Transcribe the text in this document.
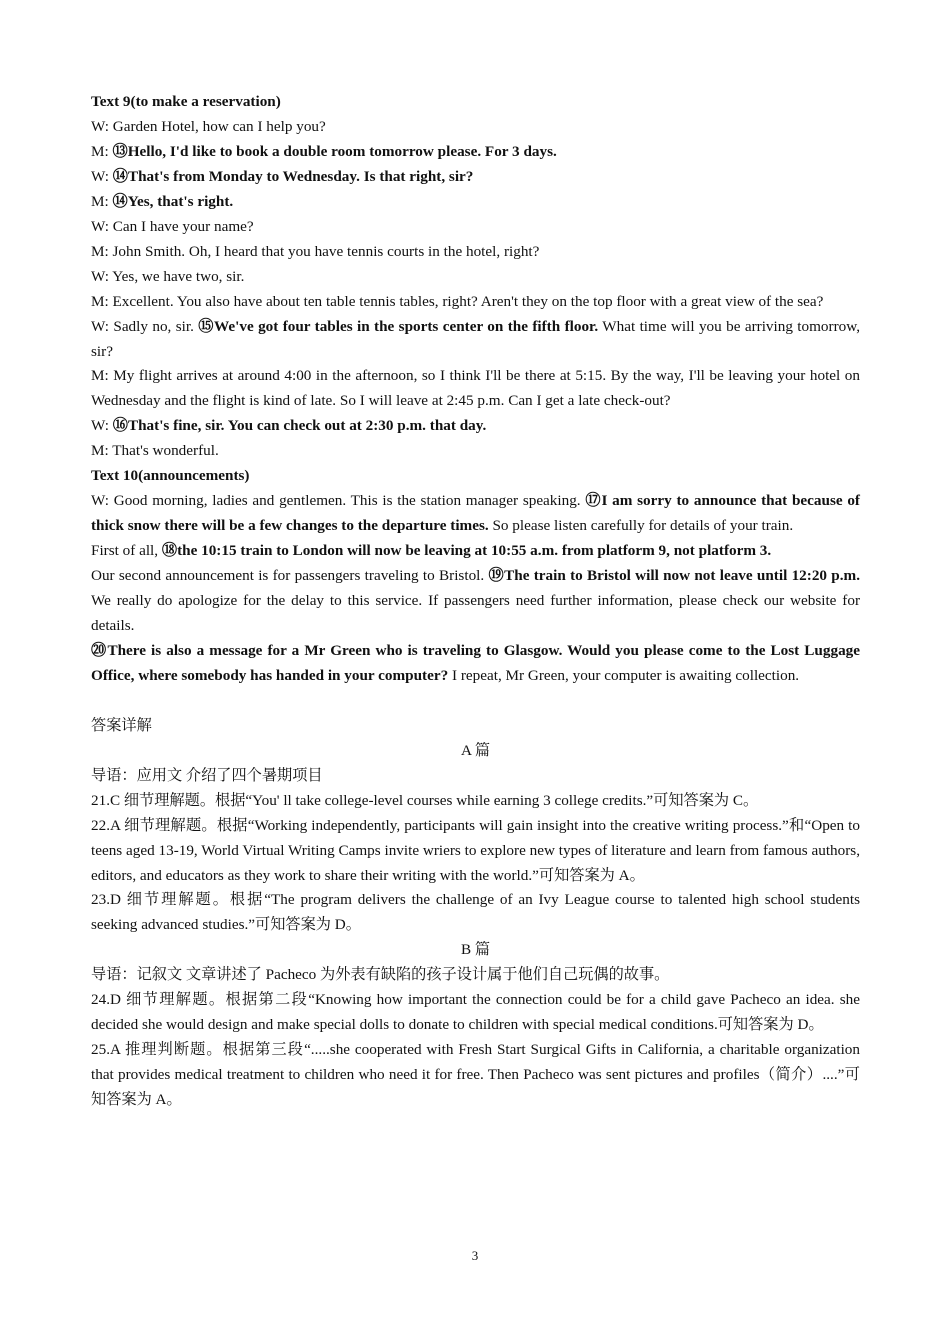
Text 9(to make a reservation)

W: Garden Hotel, how can I help you?

M: ⑬Hello, I'd like to book a double room tomorrow please. For 3 days.

W: ⑭That's from Monday to Wednesday. Is that right, sir?

M: ⑭Yes, that's right.

W: Can I have your name?

M: John Smith. Oh, I heard that you have tennis courts in the hotel, right?

W: Yes, we have two, sir.

M: Excellent. You also have about ten table tennis tables, right? Aren't they on the top floor with a great view of the sea?

W: Sadly no, sir. ⑮We've got four tables in the sports center on the fifth floor. What time will you be arriving tomorrow, sir?

M: My flight arrives at around 4:00 in the afternoon, so I think I'll be there at 5:15. By the way, I'll be leaving your hotel on Wednesday and the flight is kind of late. So I will leave at 2:45 p.m. Can I get a late check-out?

W: ⑯That's fine, sir. You can check out at 2:30 p.m. that day.

M: That's wonderful.

Text 10(announcements)

W: Good morning, ladies and gentlemen. This is the station manager speaking. ⑰I am sorry to announce that because of thick snow there will be a few changes to the departure times. So please listen carefully for details of your train.

First of all, ⑱the 10:15 train to London will now be leaving at 10:55 a.m. from platform 9, not platform 3.

Our second announcement is for passengers traveling to Bristol. ⑲The train to Bristol will now not leave until 12:20 p.m. We really do apologize for the delay to this service. If passengers need further information, please check our website for details.

⑳There is also a message for a Mr Green who is traveling to Glasgow. Would you please come to the Lost Luggage Office, where somebody has handed in your computer? I repeat, Mr Green, your computer is awaiting collection.

答案详解

A 篇

导语：应用文 介绍了四个暑期项目

21.C 细节理解题。根据“You' ll take college-level courses while earning 3 college credits.”可知答案为 C。

22.A 细节理解题。根据“Working independently, participants will gain insight into the creative writing process.”和“Open to teens aged 13-19, World Virtual Writing Camps invite wriers to explore new types of literature and learn from famous authors, editors, and educators as they work to share their writing with the world.”可知答案为 A。

23.D 细节理解题。根据“The program delivers the challenge of an Ivy League course to talented high school students seeking advanced studies.”可知答案为 D。

B 篇

导语：记叙文 文章讲述了 Pacheco 为外表有缺陷的孩子设计属于他们自己玩偶的故事。

24.D 细节理解题。根据第二段“Knowing how important the connection could be for a child gave Pacheco an idea. she decided she would design and make special dolls to donate to children with special medical conditions.可知答案为 D。

25.A 推理判断题。根据第三段“.....she cooperated with Fresh Start Surgical Gifts in California, a charitable organization that provides medical treatment to children who need it for free. Then Pacheco was sent pictures and profiles（简介）....”可知答案为 A。

3
